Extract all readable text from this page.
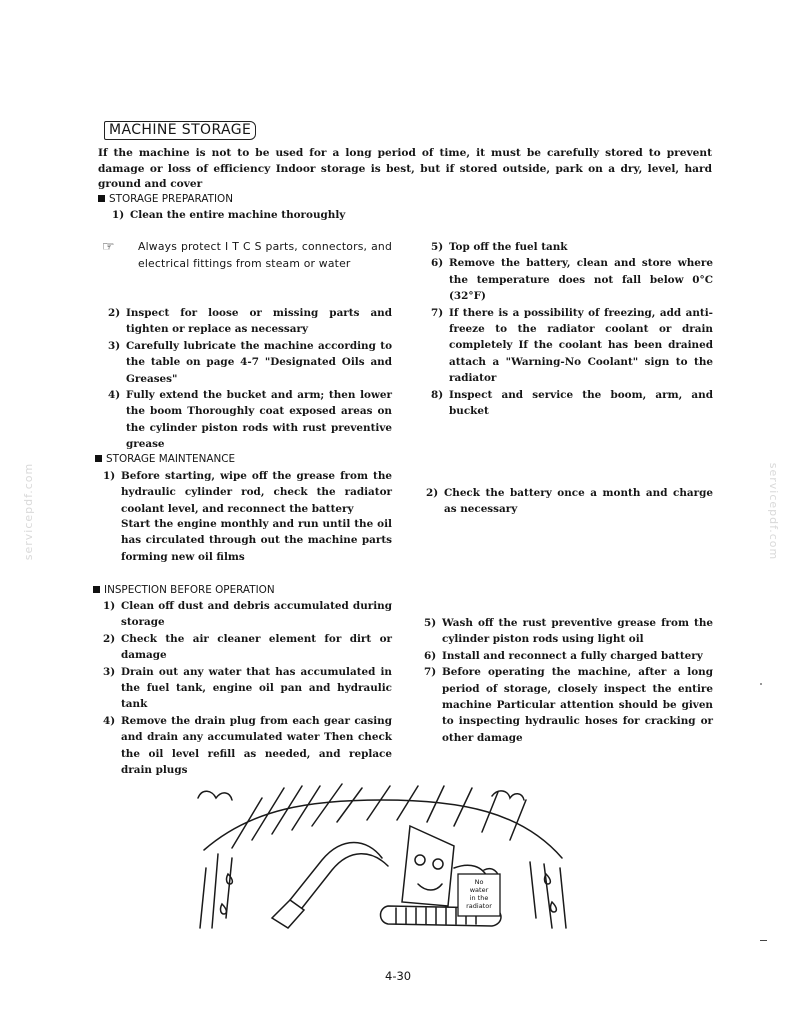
MACHINE STORAGE
If the machine is not to be used for a long period of time, it must be carefully stored to prevent damage or loss of efficiency Indoor storage is best, but if stored outside, park on a dry, level, hard ground and cover
STORAGE PREPARATION
1) Clean the entire machine thoroughly
☞ Always protect I T C S parts, connectors, and electrical fittings from steam or water
2) Inspect for loose or missing parts and tighten or replace as necessary
3) Carefully lubricate the machine according to the table on page 4-7 "Designated Oils and Greases"
4) Fully extend the bucket and arm; then lower the boom Thoroughly coat exposed areas on the cylinder piston rods with rust preventive grease
5) Top off the fuel tank
6) Remove the battery, clean and store where the temperature does not fall below 0°C (32°F)
7) If there is a possibility of freezing, add anti-freeze to the radiator coolant or drain completely If the coolant has been drained attach a "Warning-No Coolant" sign to the radiator
8) Inspect and service the boom, arm, and bucket
STORAGE MAINTENANCE
1) Before starting, wipe off the grease from the hydraulic cylinder rod, check the radiator coolant level, and reconnect the battery
Start the engine monthly and run until the oil has circulated through out the machine parts forming new oil films
2) Check the battery once a month and charge as necessary
INSPECTION BEFORE OPERATION
1) Clean off dust and debris accumulated during storage
2) Check the air cleaner element for dirt or damage
3) Drain out any water that has accumulated in the fuel tank, engine oil pan and hydraulic tank
4) Remove the drain plug from each gear casing and drain any accumulated water Then check the oil level refill as needed, and replace drain plugs
5) Wash off the rust preventive grease from the cylinder piston rods using light oil
6) Install and reconnect a fully charged battery
7) Before operating the machine, after a long period of storage, closely inspect the entire machine Particular attention should be given to inspecting hydraulic hoses for cracking or other damage
No
water
in the
radiator
servicepdf.com	servicepdf.com
4-30
